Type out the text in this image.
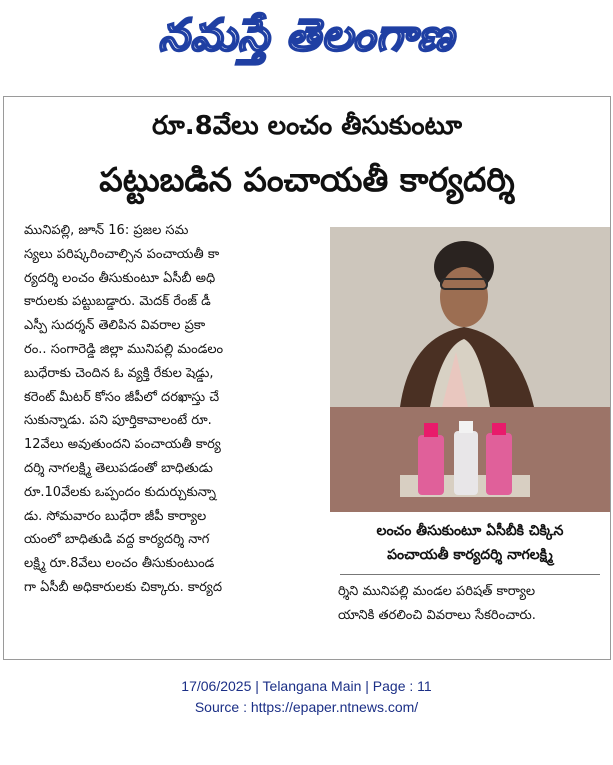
నమస్తే తెలంగాణ
రూ.8వేలు లంచం తీసుకుంటూ
పట్టుబడిన పంచాయతీ కార్యదర్శి
మునిపల్లి, జూన్ 16: ప్రజల సమ
స్యలు పరిష్కరించాల్సిన పంచాయతీ కా
ర్యదర్శి లంచం తీసుకుంటూ ఏసీబీ అధి
కారులకు పట్టుబడ్డారు. మెదక్ రేంజ్ డీ
ఎస్పీ సుదర్శన్ తెలిపిన వివరాల ప్రకా
రం.. సంగారెడ్డి జిల్లా మునిపల్లి మండలం
బుధేరాకు చెందిన ఓ వ్యక్తి రేకుల షెడ్డు,
కరెంట్ మీటర్ కోసం జీపీలో దరఖాస్తు చే
సుకున్నాడు. పని పూర్తికావాలంటే రూ.
12వేలు అవుతుందని పంచాయతీ కార్య
దర్శి నాగలక్ష్మి తెలుపడంతో బాధితుడు
రూ.10వేలకు ఒప్పందం కుదుర్చుకున్నా
డు. సోమవారం బుధేరా జీపీ కార్యాల
యంలో బాధితుడి వద్ద కార్యదర్శి నాగ
లక్ష్మి రూ.8వేలు లంచం తీసుకుంటుండ
గా ఏసీబీ అధికారులకు చిక్కారు. కార్యద
లంచం తీసుకుంటూ ఏసీబీకి చిక్కిన
పంచాయతీ కార్యదర్శి నాగలక్ష్మి
ర్శిని మునిపల్లి మండల పరిషత్ కార్యాల
యానికి తరలించి వివరాలు సేకరించారు.
17/06/2025 | Telangana Main | Page : 11
Source : https://epaper.ntnews.com/
